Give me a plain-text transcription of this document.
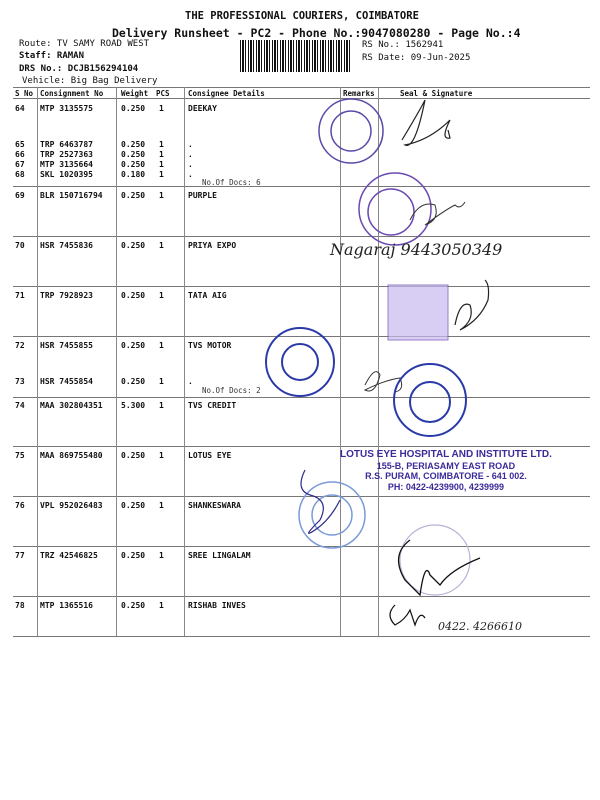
THE PROFESSIONAL COURIERS, COIMBATORE
Delivery Runsheet - PC2 - Phone No.:9047080280 - Page No.:4
Route: TV SAMY ROAD WEST
Staff: RAMAN
DRS No.: DCJB156294104
Vehicle: Big Bag Delivery
RS No.: 1562941
RS Date: 09-Jun-2025
S No Consignment No Weight PCS Consignee Details	Remarks	Seal & Signature
64 MTP 3135575	0.250 1	DEEKAY
65 TRP 6463787	0.250 1	.
66 TRP 2527363	0.250 1	.
67 MTP 3135664	0.250 1	.
68 SKL 1020395	0.180 1	.
69 BLR 150716794 0.250 1	PURPLE
70 HSR 7455836	0.250 1	PRIYA EXPO
71 TRP 7928923	0.250 1	TATA AIG
72 HSR 7455855	0.250 1	TVS MOTOR
73 HSR 7455854	0.250 1	.
74 MAA 302804351 5.300 1	TVS CREDIT
75 MAA 869755480 0.250 1	LOTUS EYE
76 VPL 952026483 0.250 1	SHANKESWARA
77 TRZ 42546825	0.250 1	SREE LINGALAM
78 MTP 1365516	0.250 1	RISHAB INVES
No.Of Docs: 6
No.Of Docs: 2
Nagaraj 9443050349
0422. 4266610
LOTUS EYE HOSPITAL AND INSTITUTE LTD.
155-B, PERIASAMY EAST ROAD
R.S. PURAM, COIMBATORE - 641 002.
PH: 0422-4239900, 4239999
